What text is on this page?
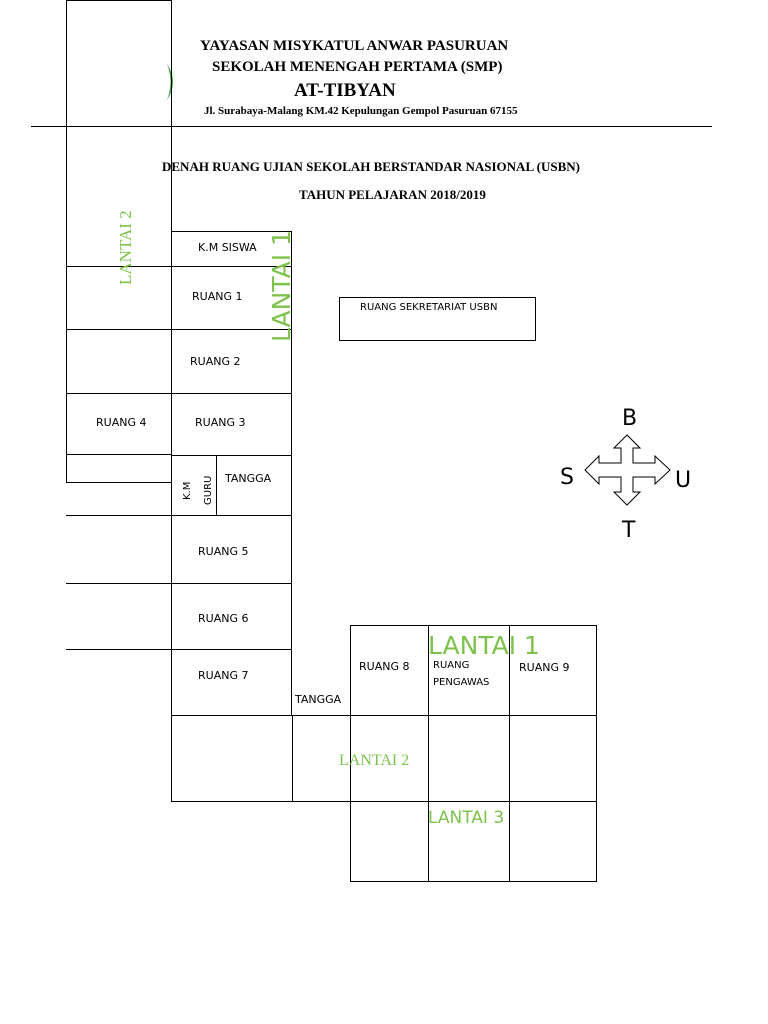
YAYASAN MISYKATUL ANWAR PASURUAN
SEKOLAH MENENGAH PERTAMA (SMP)
AT-TIBYAN
Jl. Surabaya-Malang KM.42 Kepulungan Gempol Pasuruan 67155
DENAH RUANG UJIAN SEKOLAH BERSTANDAR NASIONAL (USBN)
TAHUN PELAJARAN 2018/2019
RUANG 4
LANTAI 2	K.M SISWA
RUANG 1
RUANG 2
RUANG 3
K.M GURU TANGGA
RUANG 5
RUANG 6
RUANG 7
LANTAI 1	RUANG SEKRETARIAT USBN
B
S	U
T
RUANG 8 RUANG
PENGAWAS
RUANG 9
LANTAI 1
TANGGA
LANTAI 2
LANTAI 3
